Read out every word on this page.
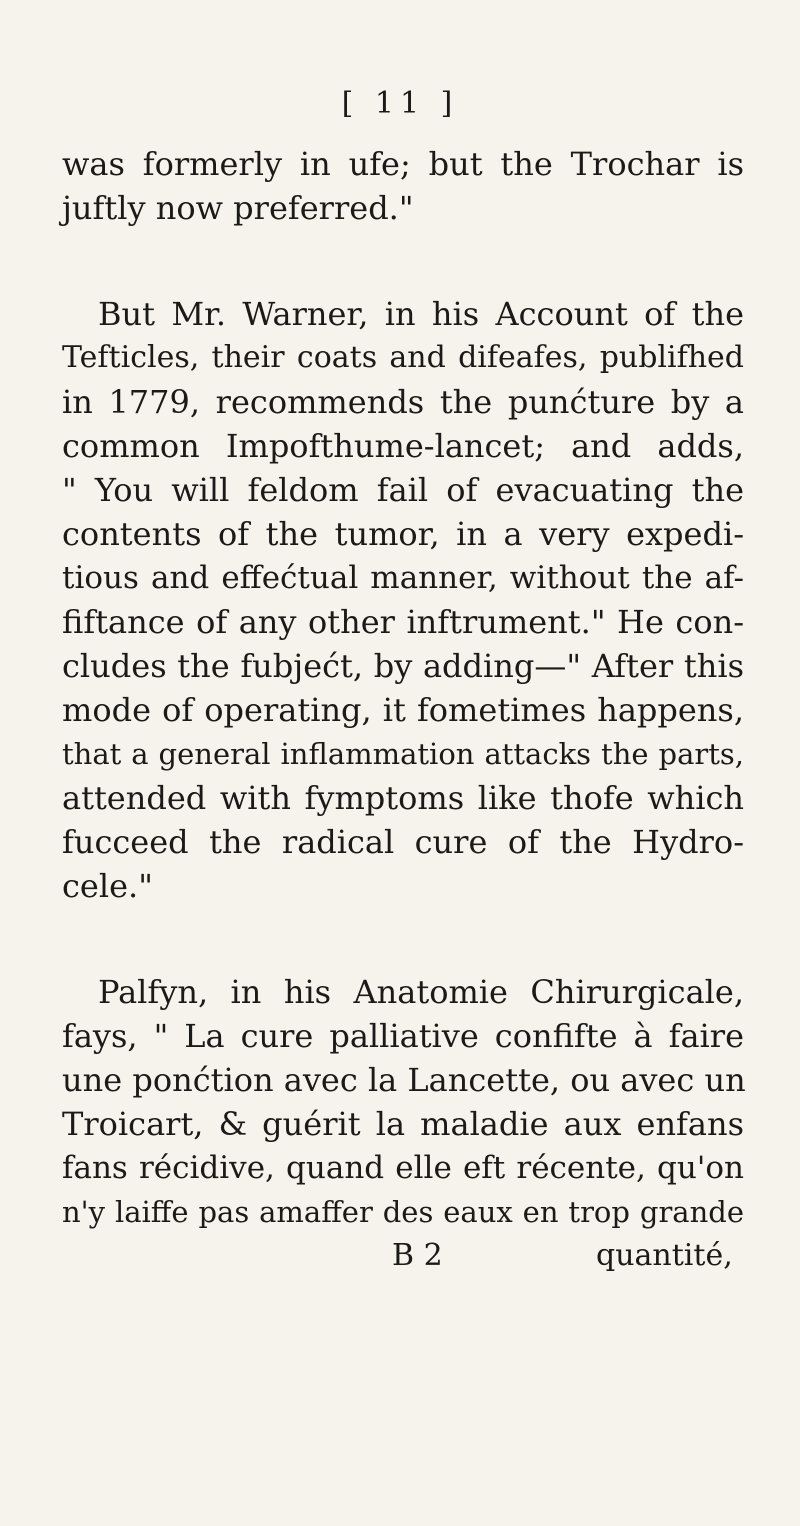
[ 11 ]
was formerly in ufe; but the Trochar is
juftly now preferred."
But Mr. Warner, in his Account of the
Tefticles, their coats and difeafes, publifhed
in 1779, recommends the punćture by a
common Impofthume-lancet; and adds,
" You will feldom fail of evacuating the
contents of the tumor, in a very expedi-
tious and effećtual manner, without the af-
fiftance of any other inftrument." He con-
cludes the fubjećt, by adding—" After this
mode of operating, it fometimes happens,
that a general inflammation attacks the parts,
attended with fymptoms like thofe which
fucceed the radical cure of the Hydro-
cele."
Palfyn, in his Anatomie Chirurgicale,
fays, " La cure palliative confifte à faire
une ponćtion avec la Lancette, ou avec un
Troicart, & guérit la maladie aux enfans
fans récidive, quand elle eft récente, qu'on
n'y laiffe pas amaffer des eaux en trop grande
B 2	quantité,
